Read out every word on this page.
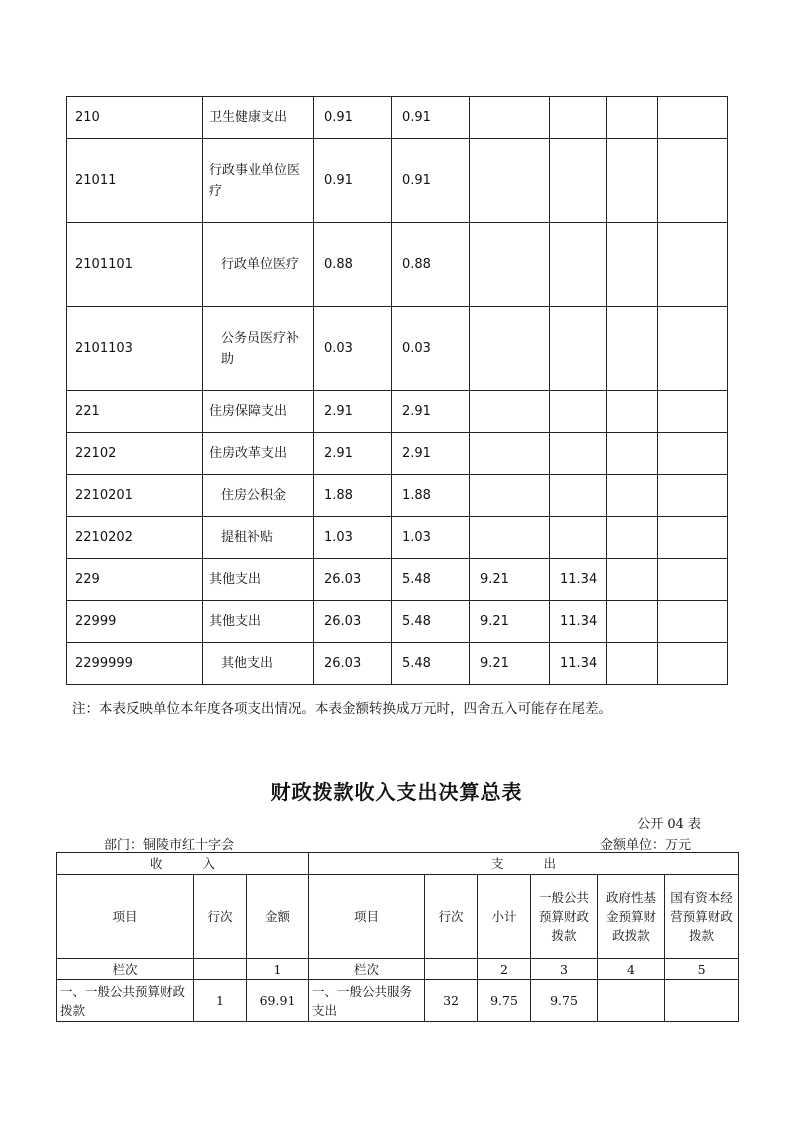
210	卫生健康支出	0.91	0.91				
21011	行政事业单位医疗	0.91	0.91				
2101101	行政单位医疗	0.88	0.88				
2101103	公务员医疗补助	0.03	0.03				
221	住房保障支出	2.91	2.91				
22102	住房改革支出	2.91	2.91				
2210201	住房公积金	1.88	1.88				
2210202	提租补贴	1.03	1.03				
229	其他支出	26.03	5.48	9.21	11.34		
22999	其他支出	26.03	5.48	9.21	11.34		
2299999	其他支出	26.03	5.48	9.21	11.34		
注：本表反映单位本年度各项支出情况。本表金额转换成万元时，四舍五入可能存在尾差。
财政拨款收入支出决算总表
公开 04 表
部门：铜陵市红十字会	金额单位：万元
收 入			支 出					
项目	行次	金额	项目	行次	小计	一般公共预算财政拨款	政府性基金预算财政拨款	国有资本经营预算财政拨款
栏次		1	栏次		2	3	4	5
一、一般公共预算财政拨款	1	69.91	一、一般公共服务支出	32	9.75	9.75		
